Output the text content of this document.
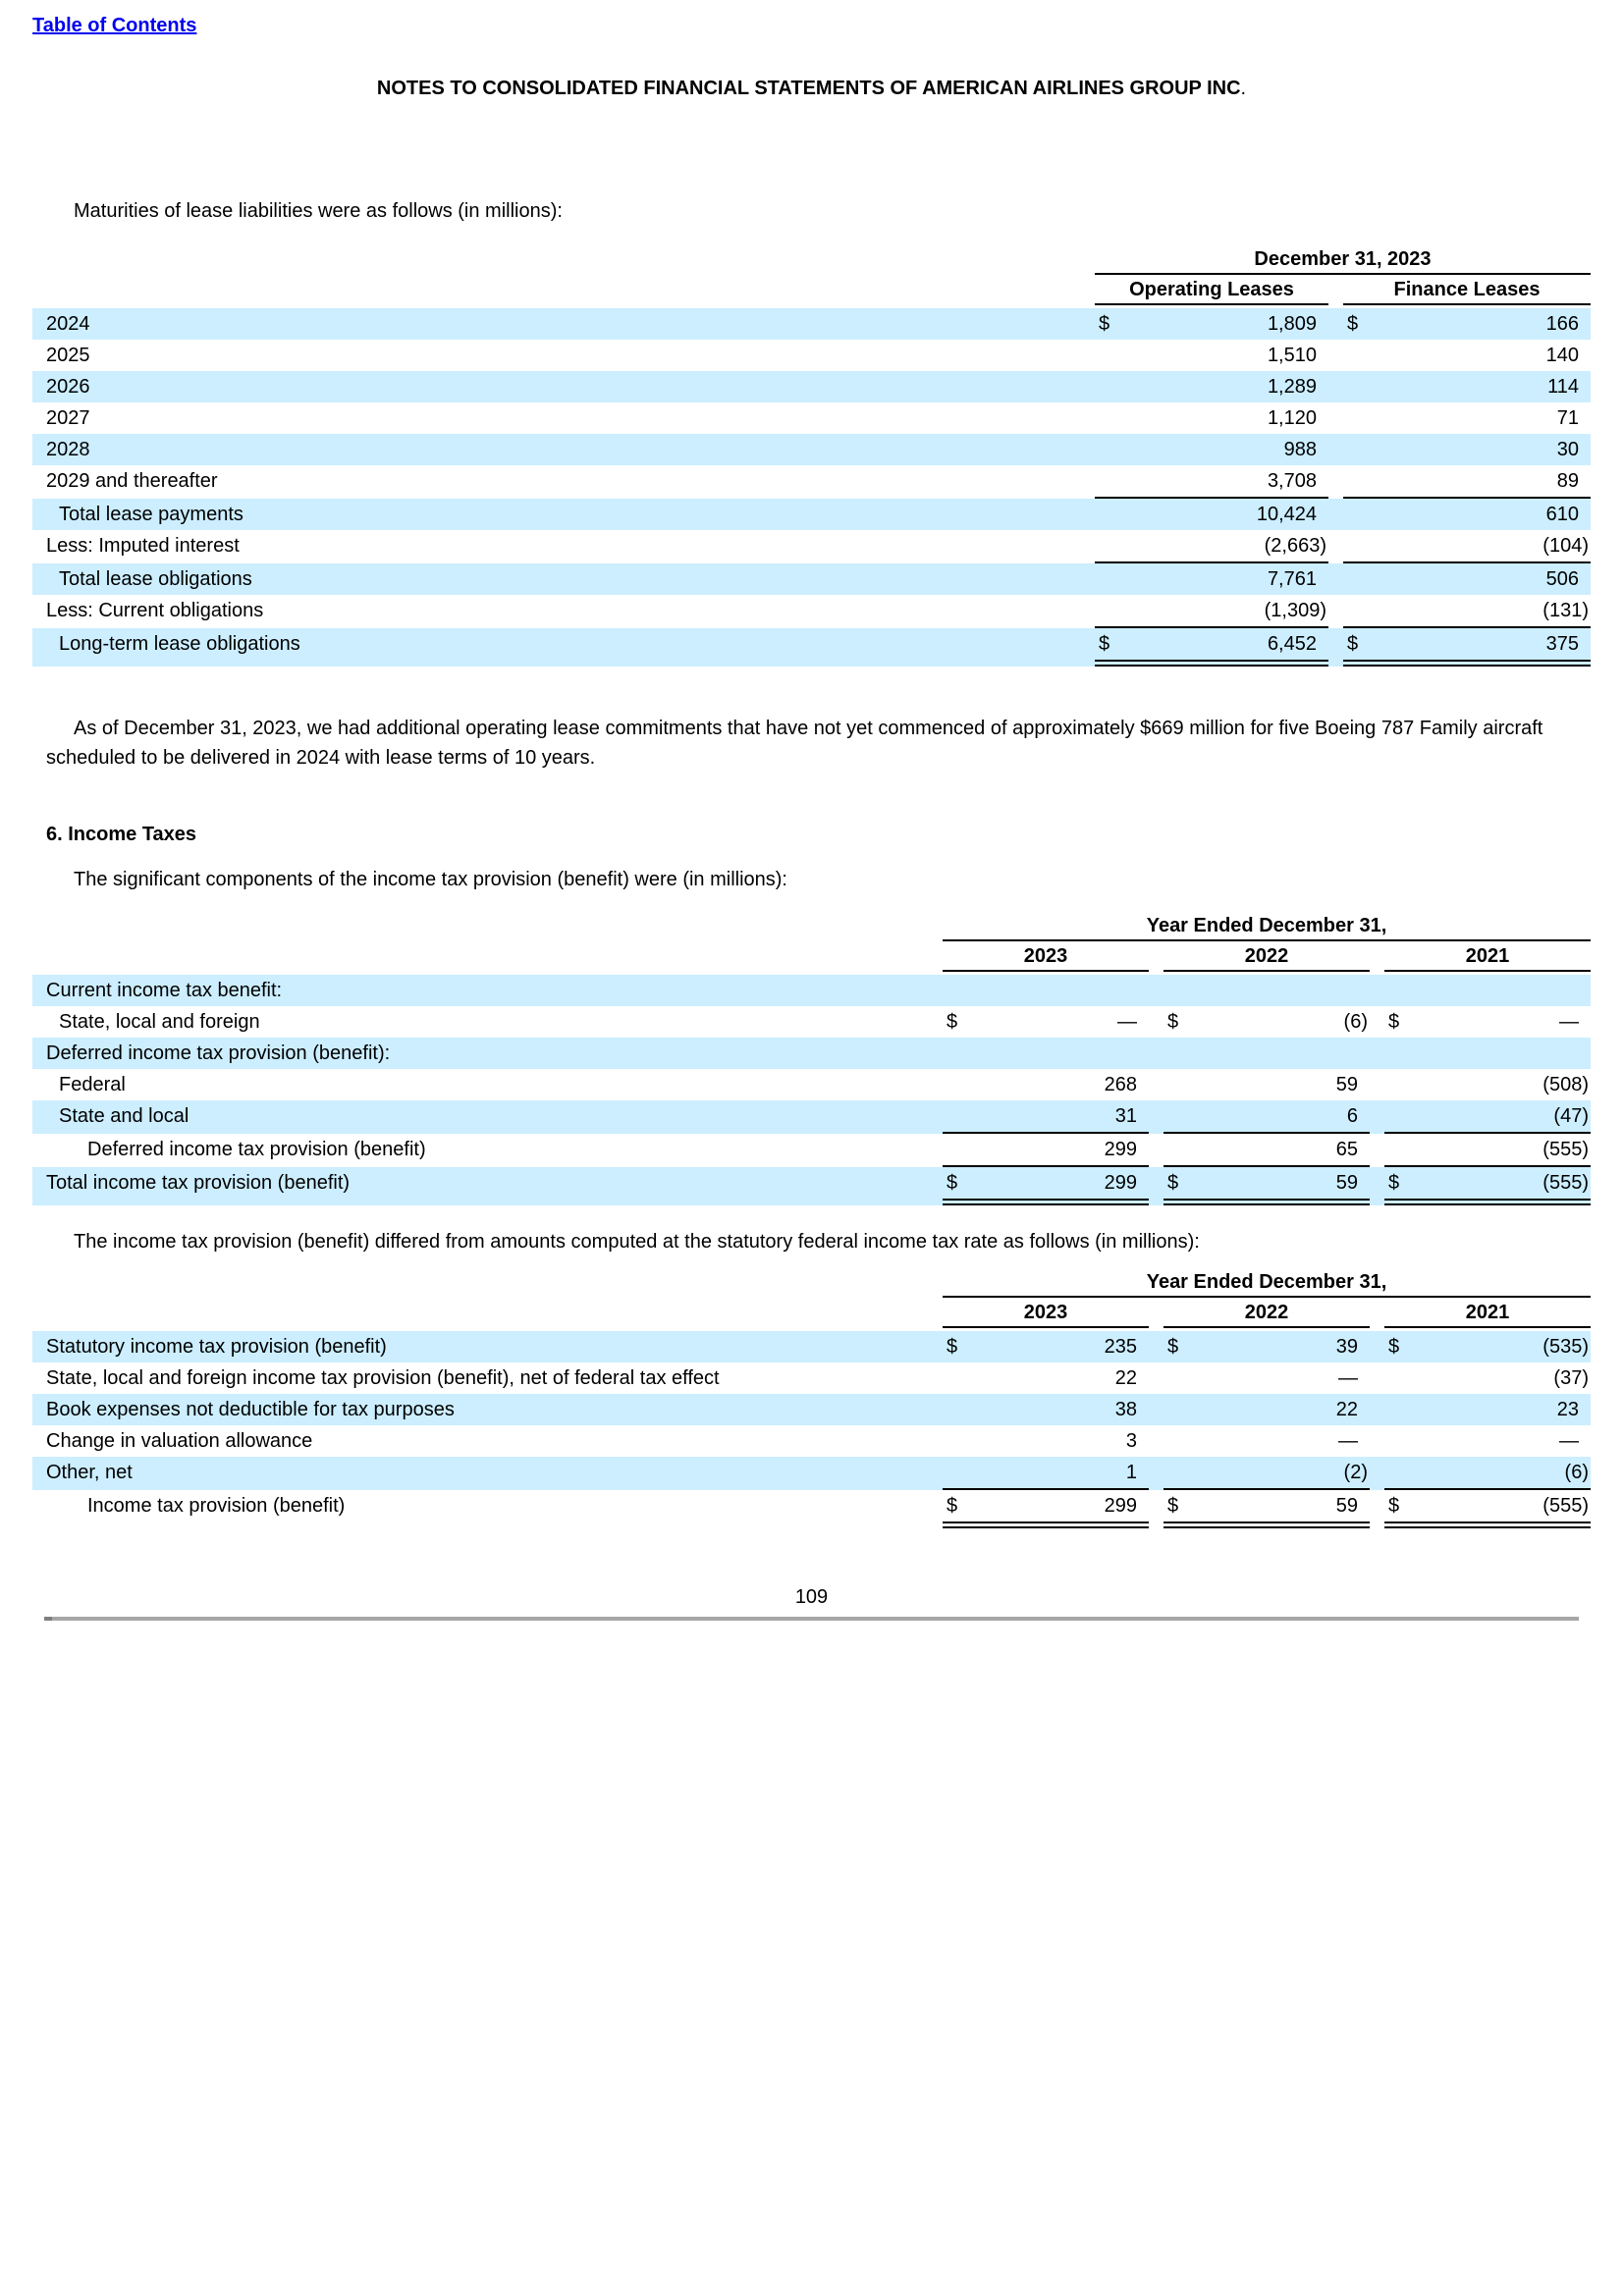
Table of Contents
NOTES TO CONSOLIDATED FINANCIAL STATEMENTS OF AMERICAN AIRLINES GROUP INC.

Maturities of lease liabilities were as follows (in millions):

December 31, 2023
Operating Leases	Finance Leases
2024	$	1,809	$	166
2025	1,510	140
2026	1,289	114
2027	1,120	71
2028	988	30
2029 and thereafter	3,708	89
Total lease payments	10,424	610
Less: Imputed interest	(2,663)	(104)
Total lease obligations	7,761	506
Less: Current obligations	(1,309)	(131)
Long-term lease obligations	$	6,452	$	375

As of December 31, 2023, we had additional operating lease commitments that have not yet commenced of approximately $669 million for five Boeing 787 Family aircraft scheduled to be delivered in 2024 with lease terms of 10 years.

6. Income Taxes

The significant components of the income tax provision (benefit) were (in millions):

Year Ended December 31,
2023	2022	2021
Current income tax benefit:
State, local and foreign	$	—	$	(6) $	—
Deferred income tax provision (benefit):
Federal	268	59	(508)
State and local	31	6	(47)
Deferred income tax provision (benefit)	299	65	(555)
Total income tax provision (benefit)	$	299	$	59	$	(555)

The income tax provision (benefit) differed from amounts computed at the statutory federal income tax rate as follows (in millions):

Year Ended December 31,
2023	2022	2021
Statutory income tax provision (benefit)	$	235	$	39	$	(535)
State, local and foreign income tax provision (benefit), net of federal tax effect	22	—	(37)
Book expenses not deductible for tax purposes	38	22	23
Change in valuation allowance	3	—	—
Other, net	1	(2)	(6)
Income tax provision (benefit)	$	299	$	59	$	(555)
109
